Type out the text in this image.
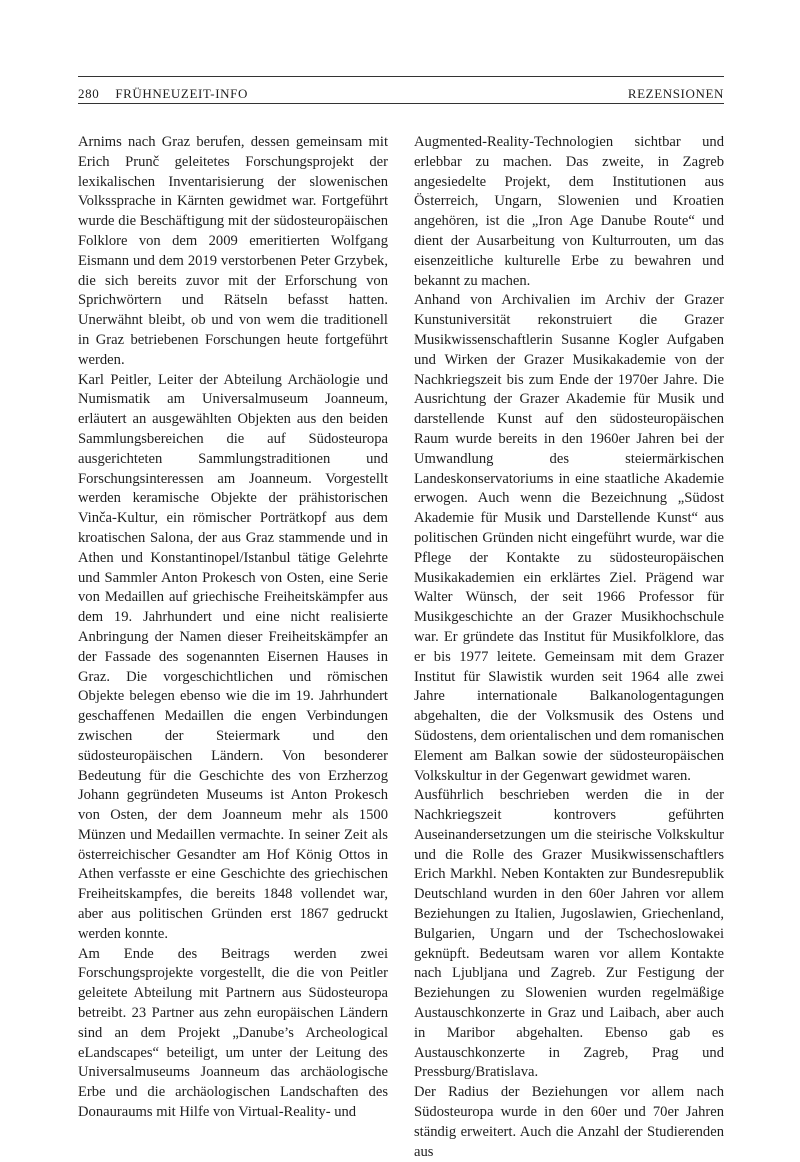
280 FRÜHNEUZEIT-INFO	REZENSIONEN

Arnims nach Graz berufen, dessen gemeinsam mit Erich Prunč geleitetes Forschungsprojekt der lexikalischen Inventarisierung der slowenischen Volkssprache in Kärnten gewidmet war. Fortgeführt wurde die Beschäftigung mit der südosteuropäischen Folklore von dem 2009 emeritierten Wolfgang Eismann und dem 2019 verstorbenen Peter Grzybek, die sich bereits zuvor mit der Erforschung von Sprichwörtern und Rätseln befasst hatten. Unerwähnt bleibt, ob und von wem die traditionell in Graz betriebenen Forschungen heute fortgeführt werden.

Karl Peitler, Leiter der Abteilung Archäologie und Numismatik am Universalmuseum Joanneum, erläutert an ausgewählten Objekten aus den beiden Sammlungsbereichen die auf Südosteuropa ausgerichteten Sammlungstraditionen und Forschungsinteressen am Joanneum. Vorgestellt werden keramische Objekte der prähistorischen Vinča-Kultur, ein römischer Porträtkopf aus dem kroatischen Salona, der aus Graz stammende und in Athen und Konstantinopel/Istanbul tätige Gelehrte und Sammler Anton Prokesch von Osten, eine Serie von Medaillen auf griechische Freiheitskämpfer aus dem 19. Jahrhundert und eine nicht realisierte Anbringung der Namen dieser Freiheitskämpfer an der Fassade des sogenannten Eisernen Hauses in Graz. Die vorgeschichtlichen und römischen Objekte belegen ebenso wie die im 19. Jahrhundert geschaffenen Medaillen die engen Verbindungen zwischen der Steiermark und den südosteuropäischen Ländern. Von besonderer Bedeutung für die Geschichte des von Erzherzog Johann gegründeten Museums ist Anton Prokesch von Osten, der dem Joanneum mehr als 1500 Münzen und Medaillen vermachte. In seiner Zeit als österreichischer Gesandter am Hof König Ottos in Athen verfasste er eine Geschichte des griechischen Freiheitskampfes, die bereits 1848 vollendet war, aber aus politischen Gründen erst 1867 gedruckt werden konnte.

Am Ende des Beitrags werden zwei Forschungsprojekte vorgestellt, die die von Peitler geleitete Abteilung mit Partnern aus Südosteuropa betreibt. 23 Partner aus zehn europäischen Ländern sind an dem Projekt „Danube’s Archeological eLandscapes“ beteiligt, um unter der Leitung des Universalmuseums Joanneum das archäologische Erbe und die archäologischen Landschaften des Donauraums mit Hilfe von Virtual-Reality- und

Augmented-Reality-Technologien sichtbar und erlebbar zu machen. Das zweite, in Zagreb angesiedelte Projekt, dem Institutionen aus Österreich, Ungarn, Slowenien und Kroatien angehören, ist die „Iron Age Danube Route“ und dient der Ausarbeitung von Kulturrouten, um das eisenzeitliche kulturelle Erbe zu bewahren und bekannt zu machen.

Anhand von Archivalien im Archiv der Grazer Kunstuniversität rekonstruiert die Grazer Musikwissenschaftlerin Susanne Kogler Aufgaben und Wirken der Grazer Musikakademie von der Nachkriegszeit bis zum Ende der 1970er Jahre. Die Ausrichtung der Grazer Akademie für Musik und darstellende Kunst auf den südosteuropäischen Raum wurde bereits in den 1960er Jahren bei der Umwandlung des steiermärkischen Landeskonservatoriums in eine staatliche Akademie erwogen. Auch wenn die Bezeichnung „Südost Akademie für Musik und Darstellende Kunst“ aus politischen Gründen nicht eingeführt wurde, war die Pflege der Kontakte zu südosteuropäischen Musikakademien ein erklärtes Ziel. Prägend war Walter Wünsch, der seit 1966 Professor für Musikgeschichte an der Grazer Musikhochschule war. Er gründete das Institut für Musikfolklore, das er bis 1977 leitete. Gemeinsam mit dem Grazer Institut für Slawistik wurden seit 1964 alle zwei Jahre internationale Balkanologentagungen abgehalten, die der Volksmusik des Ostens und Südostens, dem orientalischen und dem romanischen Element am Balkan sowie der südosteuropäischen Volkskultur in der Gegenwart gewidmet waren.

Ausführlich beschrieben werden die in der Nachkriegszeit kontrovers geführten Auseinandersetzungen um die steirische Volkskultur und die Rolle des Grazer Musikwissenschaftlers Erich Markhl. Neben Kontakten zur Bundesrepublik Deutschland wurden in den 60er Jahren vor allem Beziehungen zu Italien, Jugoslawien, Griechenland, Bulgarien, Ungarn und der Tschechoslowakei geknüpft. Bedeutsam waren vor allem Kontakte nach Ljubljana und Zagreb. Zur Festigung der Beziehungen zu Slowenien wurden regelmäßige Austauschkonzerte in Graz und Laibach, aber auch in Maribor abgehalten. Ebenso gab es Austauschkonzerte in Zagreb, Prag und Pressburg/Bratislava.

Der Radius der Beziehungen vor allem nach Südosteuropa wurde in den 60er und 70er Jahren ständig erweitert. Auch die Anzahl der Studierenden aus
